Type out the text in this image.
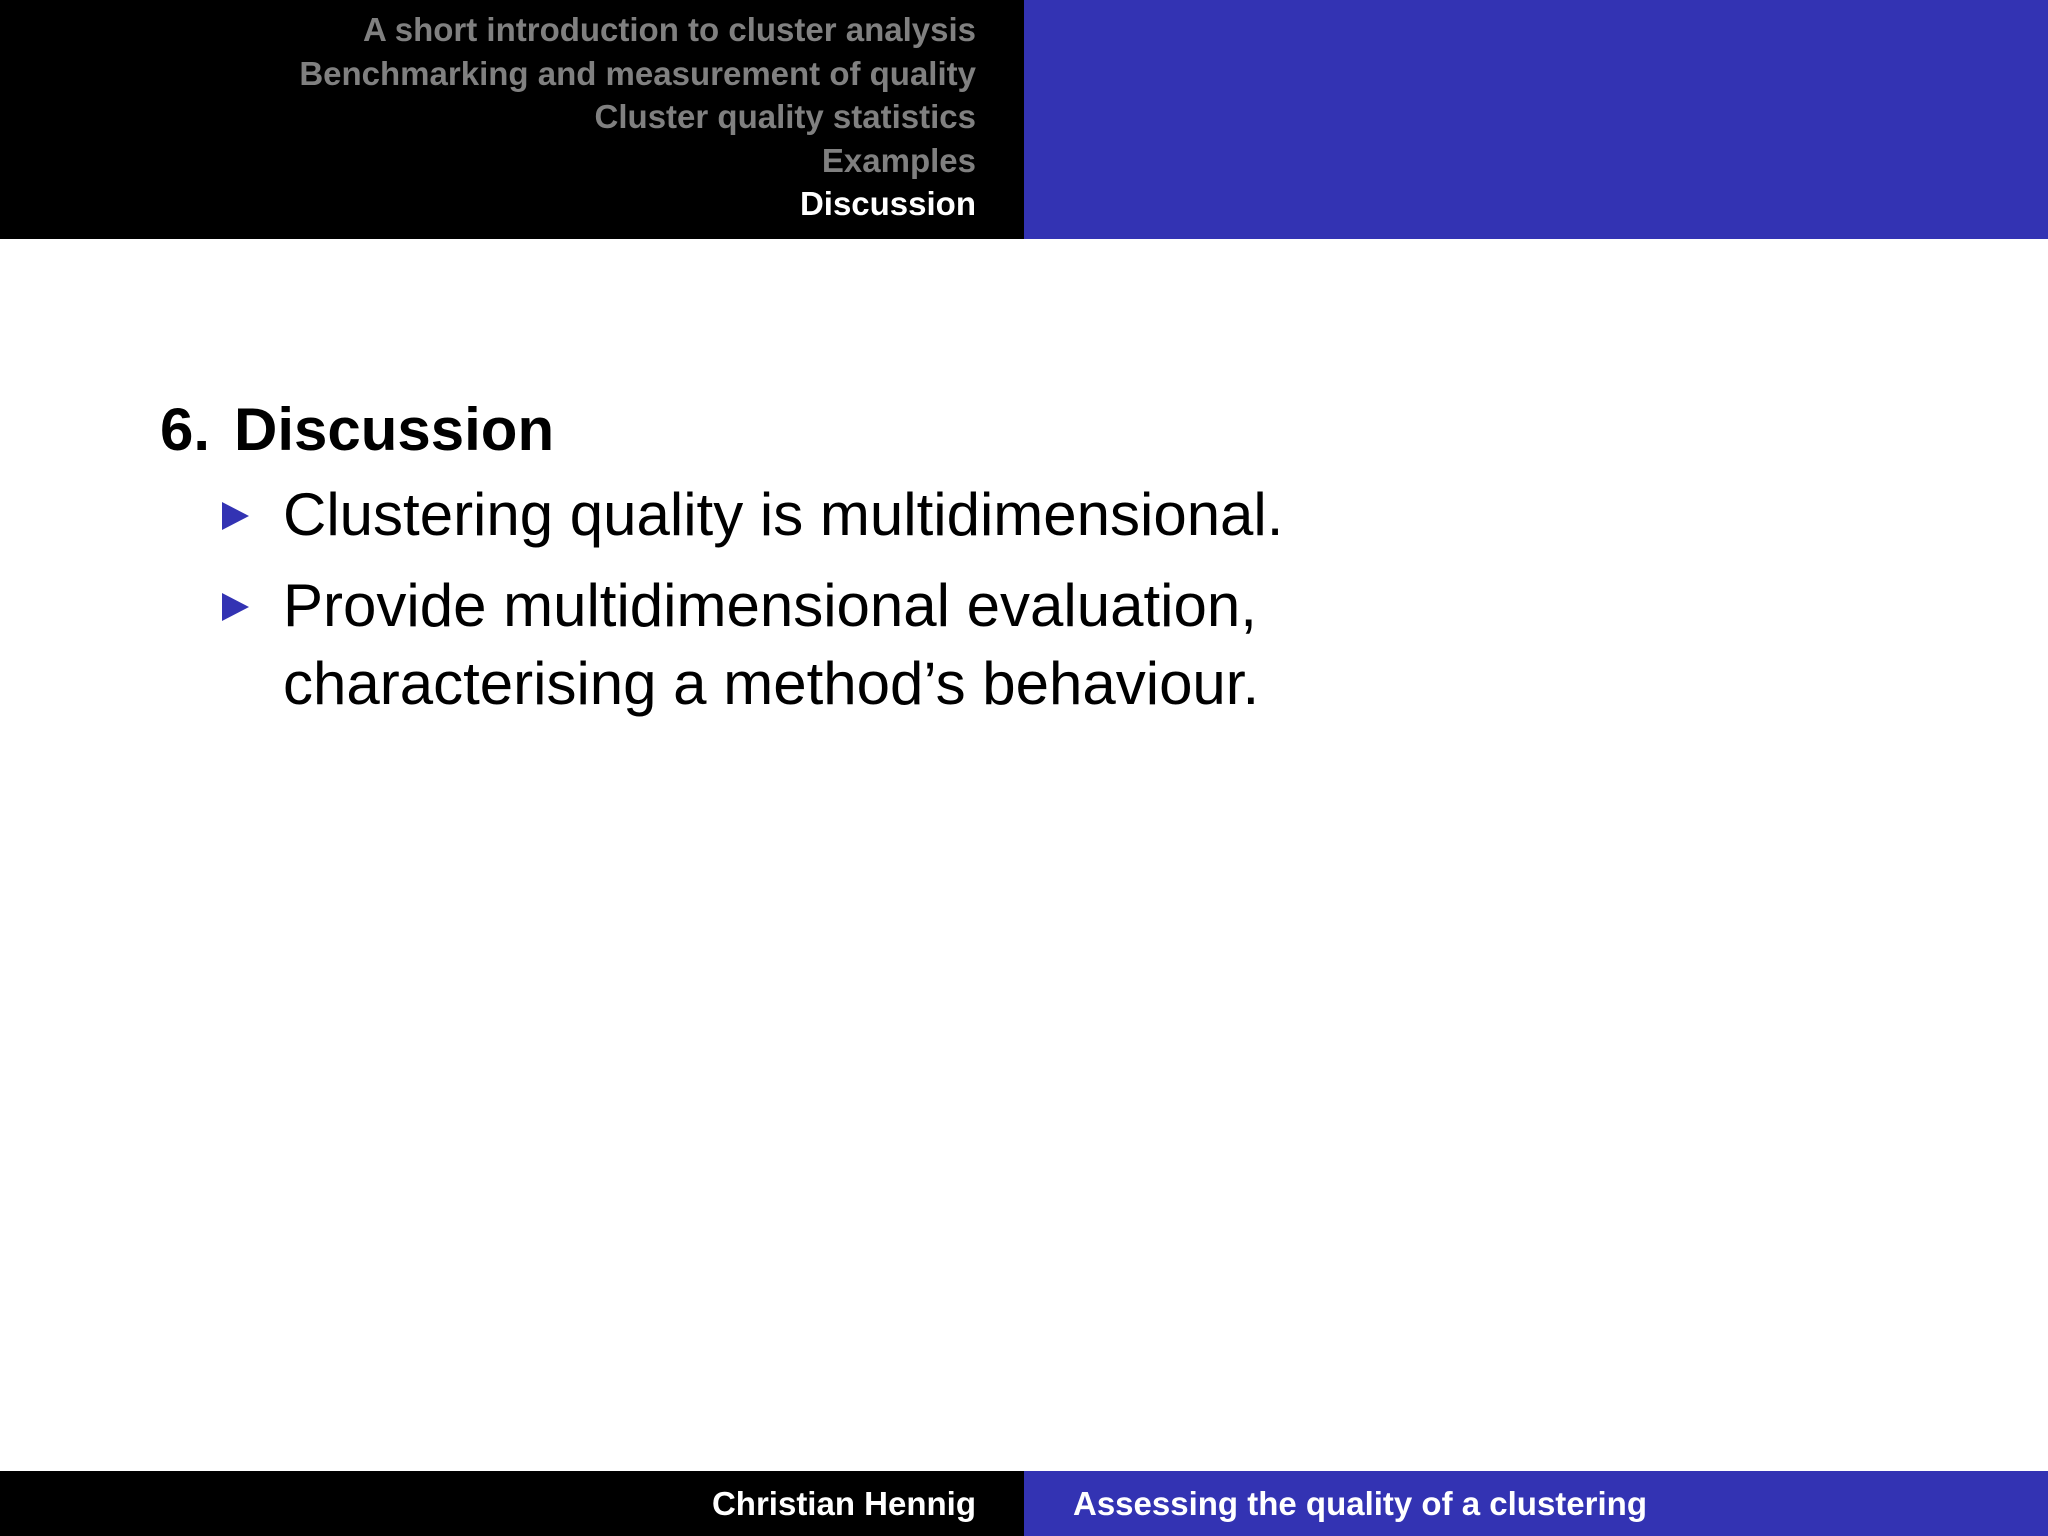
A short introduction to cluster analysis
Benchmarking and measurement of quality
Cluster quality statistics
Examples
Discussion
6. Discussion
Clustering quality is multidimensional.
Provide multidimensional evaluation,
characterising a method’s behaviour.
Christian Hennig	Assessing the quality of a clustering
